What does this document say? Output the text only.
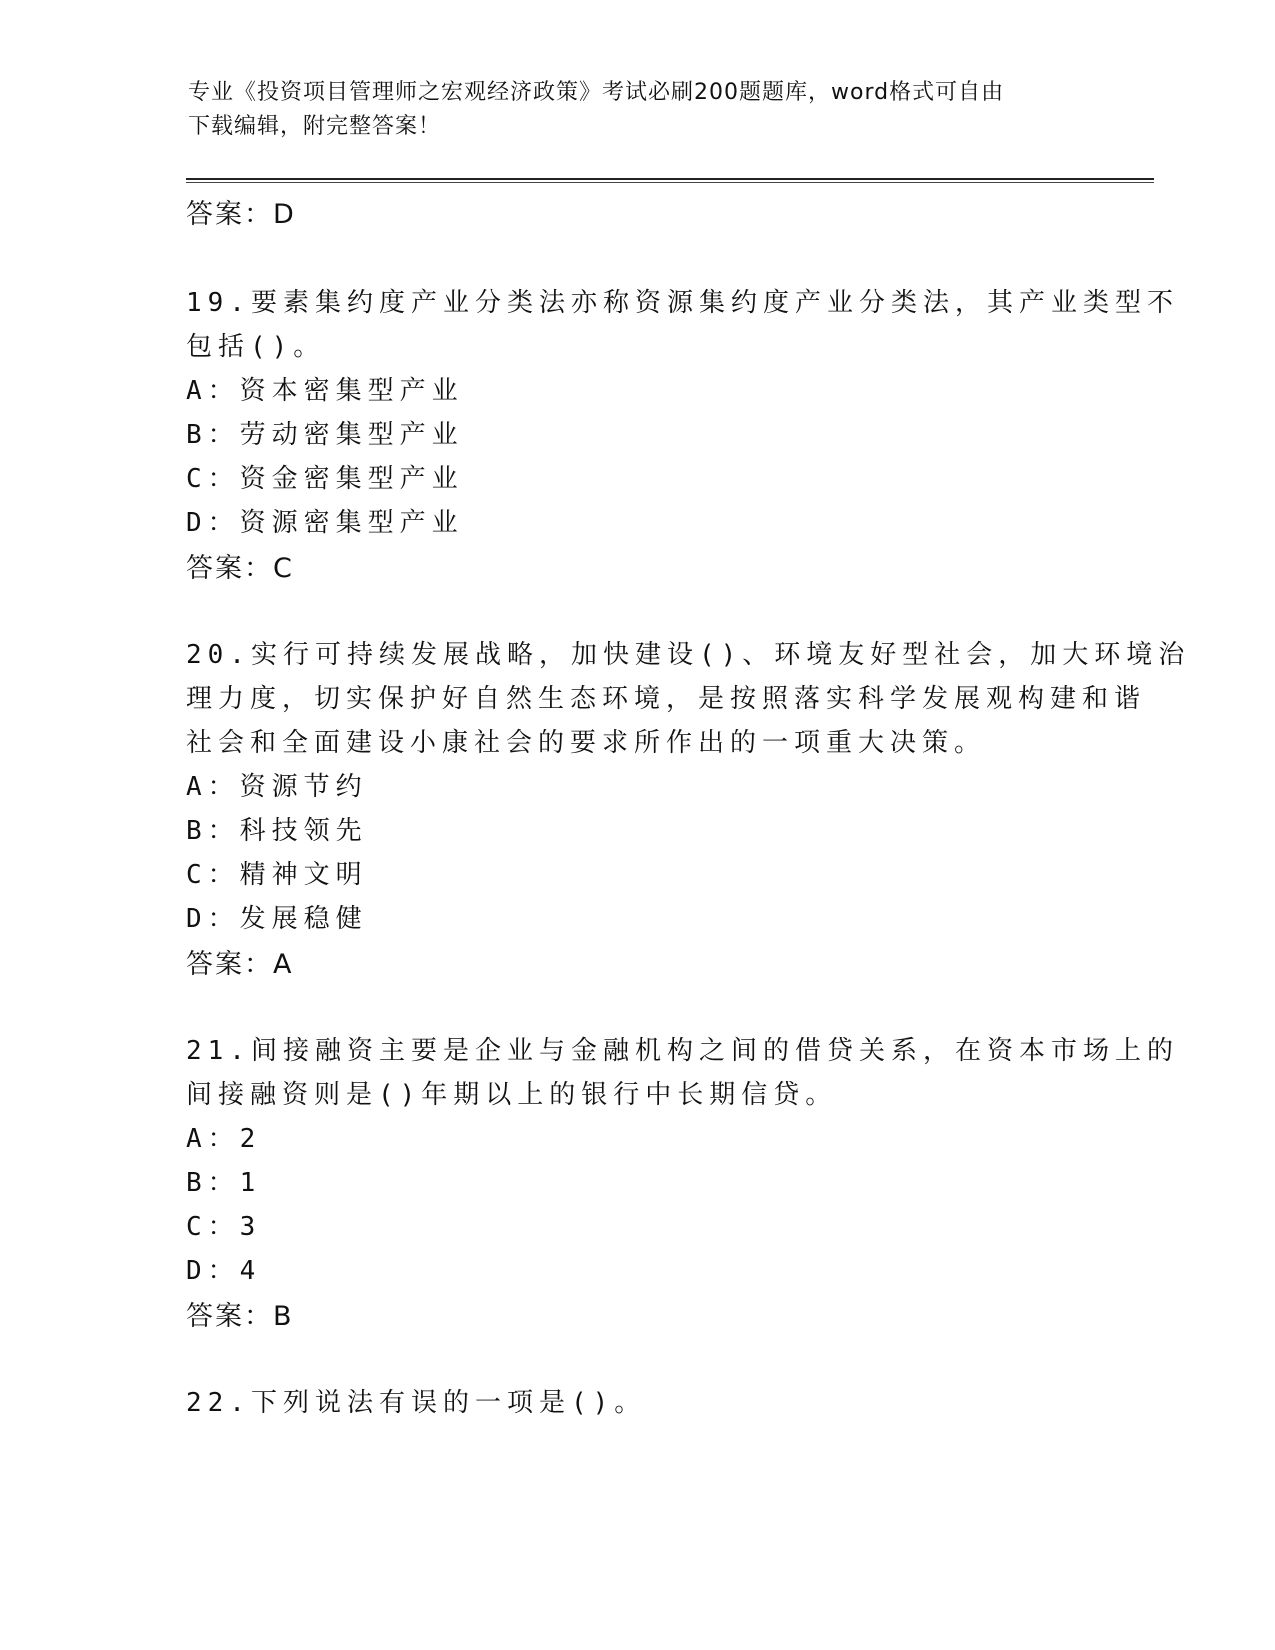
专业《投资项目管理师之宏观经济政策》考试必刷200题题库，word格式可自由
下载编辑，附完整答案！
答案：D
19.要素集约度产业分类法亦称资源集约度产业分类法，其产业类型不
包括()。
A：资本密集型产业
B：劳动密集型产业
C：资金密集型产业
D：资源密集型产业
答案：C
20.实行可持续发展战略，加快建设()、环境友好型社会，加大环境治
理力度，切实保护好自然生态环境，是按照落实科学发展观构建和谐
社会和全面建设小康社会的要求所作出的一项重大决策。
A：资源节约
B：科技领先
C：精神文明
D：发展稳健
答案：A
21.间接融资主要是企业与金融机构之间的借贷关系，在资本市场上的
间接融资则是()年期以上的银行中长期信贷。
A：2
B：1
C：3
D：4
答案：B
22.下列说法有误的一项是()。
